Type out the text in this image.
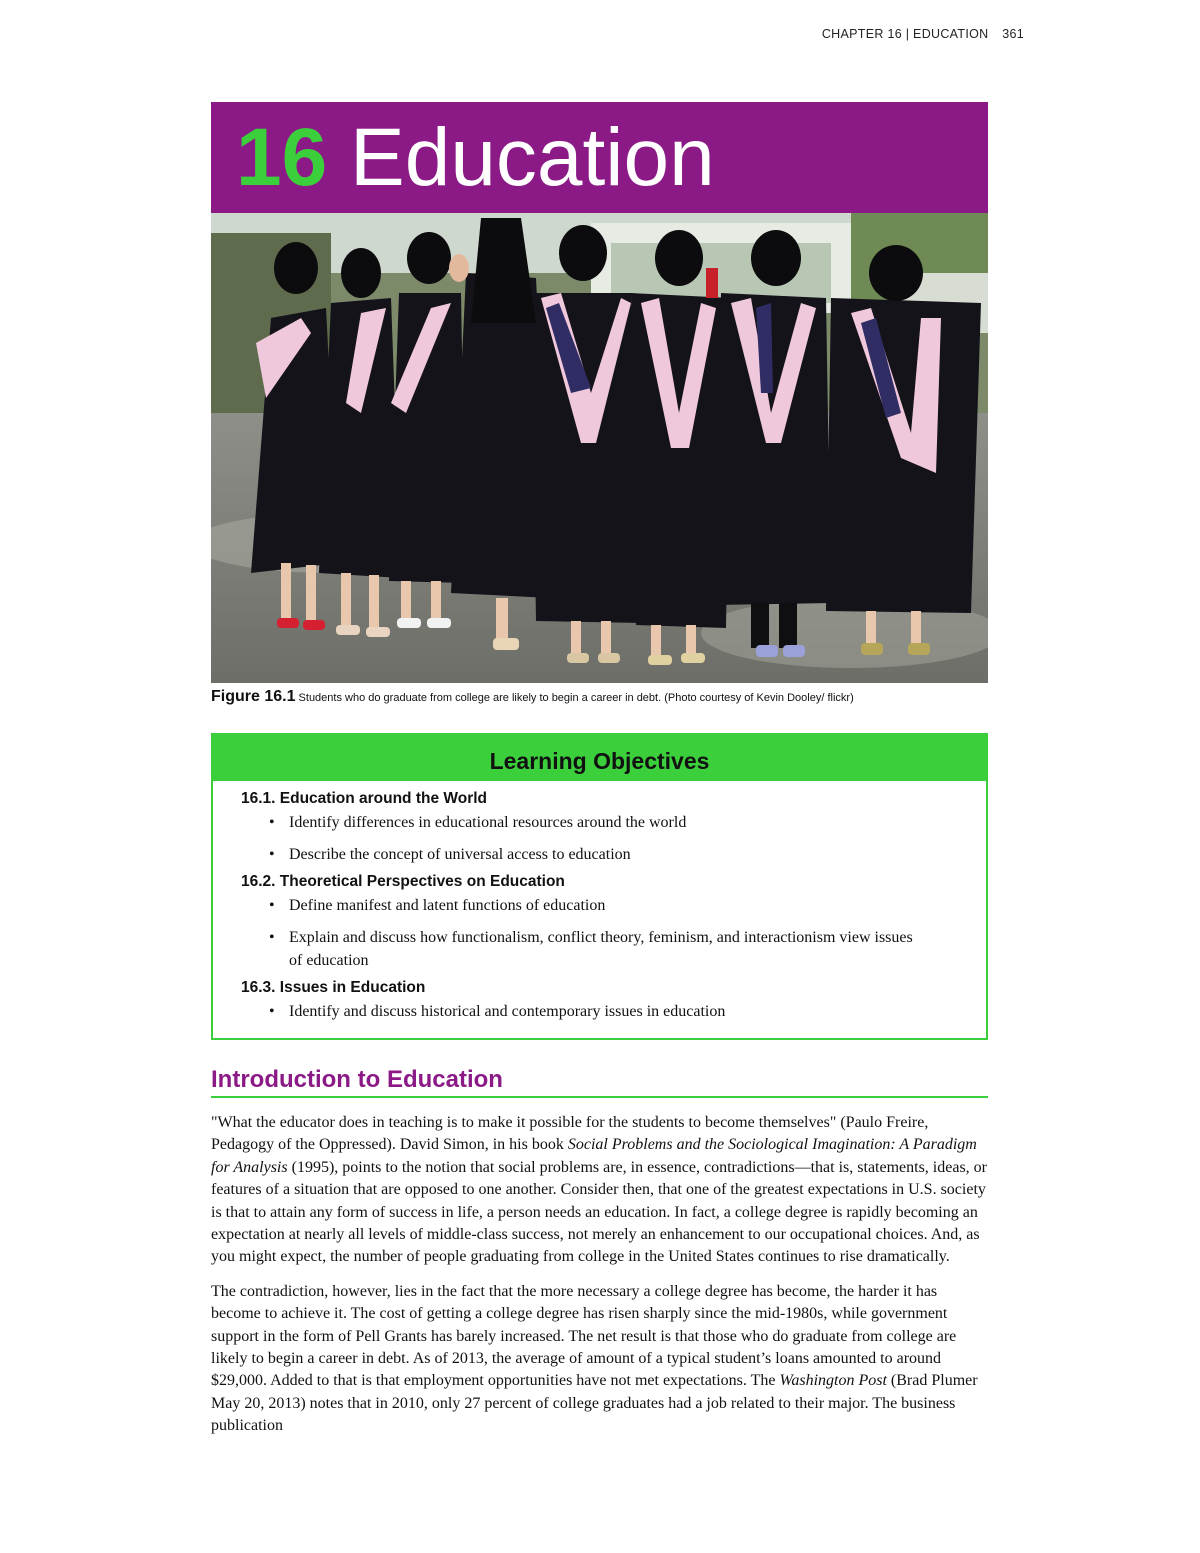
CHAPTER 16 | EDUCATION 361
16 Education
Figure 16.1 Students who do graduate from college are likely to begin a career in debt. (Photo courtesy of Kevin Dooley/ flickr)
Learning Objectives
16.1. Education around the World
• Identify differences in educational resources around the world
• Describe the concept of universal access to education
16.2. Theoretical Perspectives on Education
• Define manifest and latent functions of education
• Explain and discuss how functionalism, conflict theory, feminism, and interactionism view issues of education
16.3. Issues in Education
• Identify and discuss historical and contemporary issues in education
Introduction to Education

"What the educator does in teaching is to make it possible for the students to become themselves" (Paulo Freire, Pedagogy of the Oppressed). David Simon, in his book Social Problems and the Sociological Imagination: A Paradigm for Analysis (1995), points to the notion that social problems are, in essence, contradictions—that is, statements, ideas, or features of a situation that are opposed to one another. Consider then, that one of the greatest expectations in U.S. society is that to attain any form of success in life, a person needs an education. In fact, a college degree is rapidly becoming an expectation at nearly all levels of middle-class success, not merely an enhancement to our occupational choices. And, as you might expect, the number of people graduating from college in the United States continues to rise dramatically.

The contradiction, however, lies in the fact that the more necessary a college degree has become, the harder it has become to achieve it. The cost of getting a college degree has risen sharply since the mid-1980s, while government support in the form of Pell Grants has barely increased. The net result is that those who do graduate from college are likely to begin a career in debt. As of 2013, the average of amount of a typical student’s loans amounted to around $29,000. Added to that is that employment opportunities have not met expectations. The Washington Post (Brad Plumer May 20, 2013) notes that in 2010, only 27 percent of college graduates had a job related to their major. The business publication
